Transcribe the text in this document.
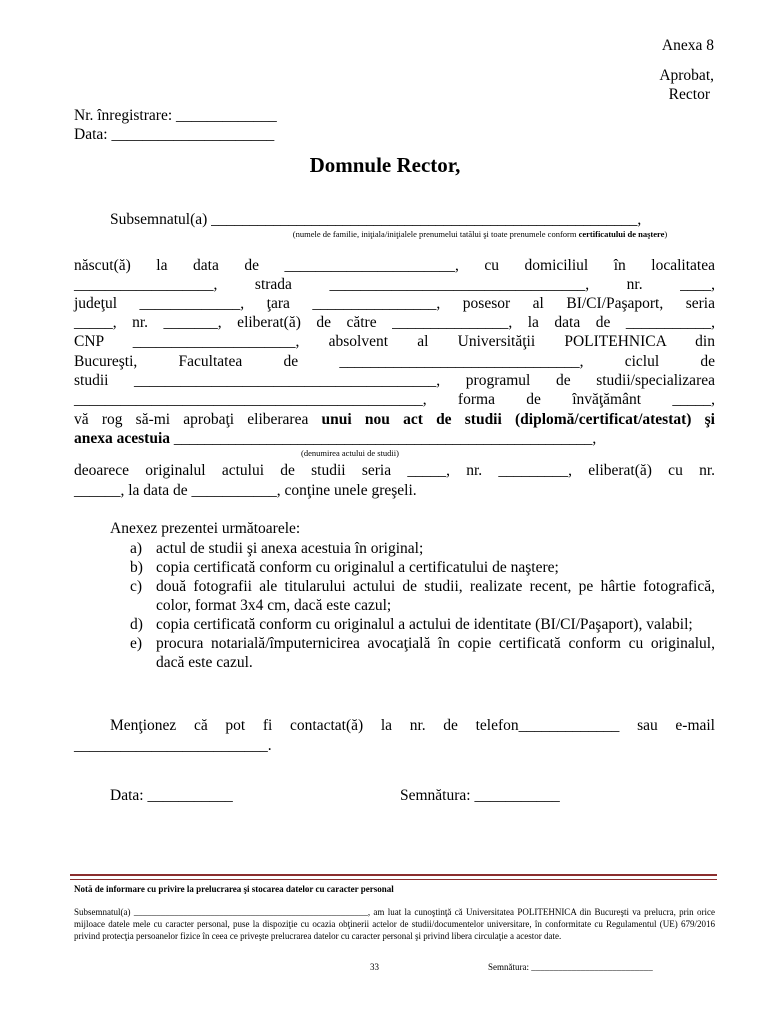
Anexa 8
Aprobat,
Rector
Nr. înregistrare: _____________
Data: _____________________
Domnule Rector,
Subsemnatul(a) _______________________________________________________,
(numele de familie, iniţiala/iniţialele prenumelui tatălui şi toate prenumele conform certificatului de naştere)
născut(ă) la data de ______________________, cu domiciliul în localitatea
__________________, strada _________________________________, nr. ____,
judeţul _____________, ţara ________________, posesor al BI/CI/Paşaport, seria
_____, nr. _______, eliberat(ă) de către _______________, la data de ___________,
CNP _____________________, absolvent al Universităţii POLITEHNICA din
Bucureşti, Facultatea de _______________________________, ciclul de
studii _______________________________________, programul de studii/specializarea
_____________________________________________, forma de învăţământ _____,
vă rog să-mi aprobaţi eliberarea unui nou act de studii (diplomă/certificat/atestat) şi
anexa acestuia ______________________________________________________,
(denumirea actului de studii)
deoarece originalul actului de studii seria _____, nr. _________, eliberat(ă) cu nr.
______, la data de ___________, conţine unele greşeli.
Anexez prezentei următoarele:
a) actul de studii şi anexa acestuia în original;
b) copia certificată conform cu originalul a certificatului de naştere;
c) două fotografii ale titularului actului de studii, realizate recent, pe hârtie fotografică, color, format 3x4 cm, dacă este cazul;
d) copia certificată conform cu originalul a actului de identitate (BI/CI/Paşaport), valabil;
e) procura notarială/împuternicirea avocaţială în copie certificată conform cu originalul, dacă este cazul.
Menţionez că pot fi contactat(ă) la nr. de telefon_____________ sau e-mail
_________________________.
Data: ___________	Semnătura: ___________
Notă de informare cu privire la prelucrarea şi stocarea datelor cu caracter personal
Subsemnatul(a) ____________________________________________________, am luat la cunoştinţă că Universitatea POLITEHNICA din Bucureşti va prelucra, prin orice mijloace datele mele cu caracter personal, puse la dispoziţie cu ocazia obţinerii actelor de studii/documentelor universitare, în conformitate cu Regulamentul (UE) 679/2016 privind protecţia persoanelor fizice în ceea ce priveşte prelucrarea datelor cu caracter personal şi privind libera circulaţie a acestor date.
33	Semnătura: ___________________________
